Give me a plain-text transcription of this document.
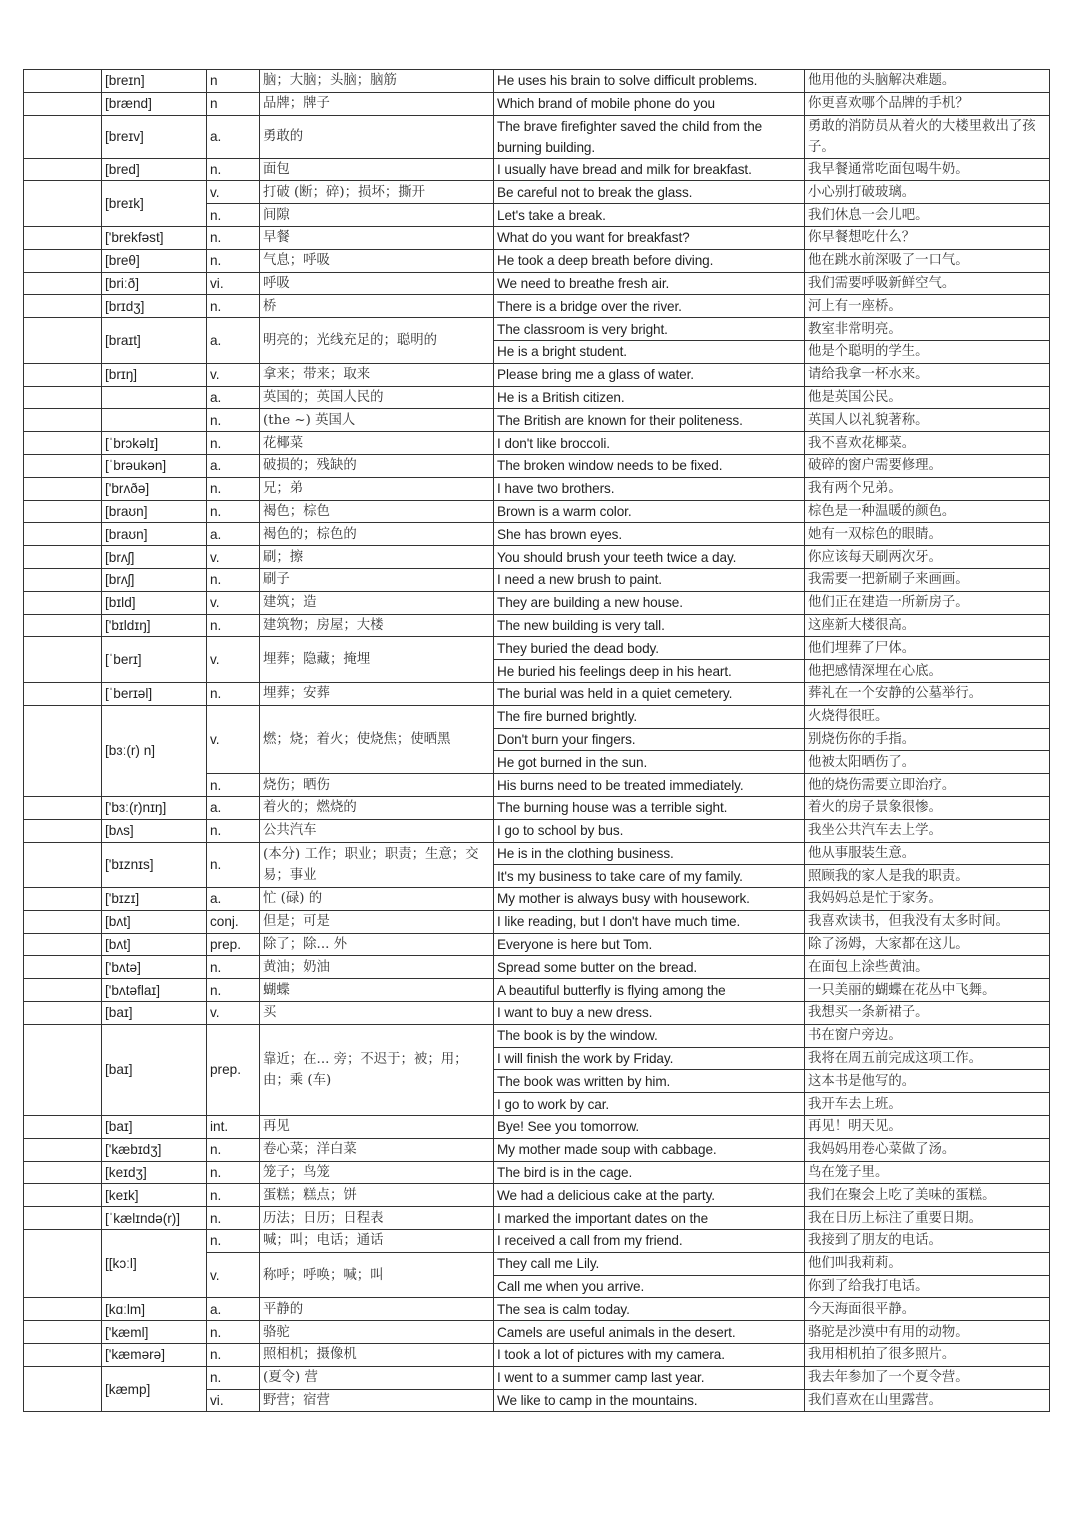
	[breɪn]	n	脑；大脑；头脑；脑筋	He uses his brain to solve difficult problems.	他用他的头脑解决难题。
	[brænd]	n	品牌；牌子	Which brand of mobile phone do you	你更喜欢哪个品牌的手机？
	[breɪv]	a.	勇敢的	The brave firefighter saved the child from the burning building.	勇敢的消防员从着火的大楼里救出了孩子。
	[bred]	n.	面包	I usually have bread and milk for breakfast.	我早餐通常吃面包喝牛奶。
	[breɪk]	v.	打破 (断；碎)；损坏；撕开	Be careful not to break the glass.	小心别打破玻璃。
		n.	间隙	Let's take a break.	我们休息一会儿吧。
	['brekfəst]	n.	早餐	What do you want for breakfast?	你早餐想吃什么？
	[breθ]	n.	气息；呼吸	He took a deep breath before diving.	他在跳水前深吸了一口气。
	[briːð]	vi.	呼吸	We need to breathe fresh air.	我们需要呼吸新鲜空气。
	[brɪdʒ]	n.	桥	There is a bridge over the river.	河上有一座桥。
	[braɪt]	a.	明亮的；光线充足的；聪明的	The classroom is very bright.	教室非常明亮。
				He is a bright student.	他是个聪明的学生。
	[brɪŋ]	v.	拿来；带来；取来	Please bring me a glass of water.	请给我拿一杯水来。
		a.	英国的；英国人民的	He is a British citizen.	他是英国公民。
		n.	(the ~) 英国人	The British are known for their politeness.	英国人以礼貌著称。
	[ˈbrɔkəlɪ]	n.	花椰菜	I don't like broccoli.	我不喜欢花椰菜。
	[ˈbrəukən]	a.	破损的；残缺的	The broken window needs to be fixed.	破碎的窗户需要修理。
	['brʌðə]	n.	兄；弟	I have two brothers.	我有两个兄弟。
	[braʊn]	n.	褐色；棕色	Brown is a warm color.	棕色是一种温暖的颜色。
	[braʊn]	a.	褐色的；棕色的	She has brown eyes.	她有一双棕色的眼睛。
	[brʌʃ]	v.	刷；擦	You should brush your teeth twice a day.	你应该每天刷两次牙。
	[brʌʃ]	n.	刷子	I need a new brush to paint.	我需要一把新刷子来画画。
	[bɪld]	v.	建筑；造	They are building a new house.	他们正在建造一所新房子。
	['bɪldɪŋ]	n.	建筑物；房屋；大楼	The new building is very tall.	这座新大楼很高。
	[ˈberɪ]	v.	埋葬；隐藏；掩埋	They buried the dead body.	他们埋葬了尸体。
				He buried his feelings deep in his heart.	他把感情深埋在心底。
	[ˈberɪəl]	n.	埋葬；安葬	The burial was held in a quiet cemetery.	葬礼在一个安静的公墓举行。
	[bɜː(r) n]	v.	燃；烧；着火；使烧焦；使晒黑	The fire burned brightly.	火烧得很旺。
				Don't burn your fingers.	别烧伤你的手指。
				He got burned in the sun.	他被太阳晒伤了。
		n.	烧伤；晒伤	His burns need to be treated immediately.	他的烧伤需要立即治疗。
	['bɜː(r)nɪŋ]	a.	着火的；燃烧的	The burning house was a terrible sight.	着火的房子景象很惨。
	[bʌs]	n.	公共汽车	I go to school by bus.	我坐公共汽车去上学。
	['bɪznɪs]	n.	(本分) 工作；职业；职责；生意；交易；事业	He is in the clothing business.	他从事服装生意。
				It's my business to take care of my family.	照顾我的家人是我的职责。
	['bɪzɪ]	a.	忙 (碌) 的	My mother is always busy with housework.	我妈妈总是忙于家务。
	[bʌt]	conj.	但是；可是	I like reading, but I don't have much time.	我喜欢读书，但我没有太多时间。
	[bʌt]	prep.	除了；除... 外	Everyone is here but Tom.	除了汤姆，大家都在这儿。
	['bʌtə]	n.	黄油；奶油	Spread some butter on the bread.	在面包上涂些黄油。
	['bʌtəflaɪ]	n.	蝴蝶	A beautiful butterfly is flying among the	一只美丽的蝴蝶在花丛中飞舞。
	[baɪ]	v.	买	I want to buy a new dress.	我想买一条新裙子。
	[baɪ]	prep.	靠近；在... 旁；不迟于；被；用；由；乘 (车)	The book is by the window.	书在窗户旁边。
				I will finish the work by Friday.	我将在周五前完成这项工作。
				The book was written by him.	这本书是他写的。
				I go to work by car.	我开车去上班。
	[baɪ]	int.	再见	Bye! See you tomorrow.	再见！明天见。
	['kæbɪdʒ]	n.	卷心菜；洋白菜	My mother made soup with cabbage.	我妈妈用卷心菜做了汤。
	[keɪdʒ]	n.	笼子；鸟笼	The bird is in the cage.	鸟在笼子里。
	[keɪk]	n.	蛋糕；糕点；饼	We had a delicious cake at the party.	我们在聚会上吃了美味的蛋糕。
	[ˈkælɪndə(r)]	n.	历法；日历；日程表	I marked the important dates on the	我在日历上标注了重要日期。
	[[kɔːl]	n.	喊；叫；电话；通话	I received a call from my friend.	我接到了朋友的电话。
		v.	称呼；呼唤；喊；叫	They call me Lily.	他们叫我莉莉。
				Call me when you arrive.	你到了给我打电话。
	[kɑːlm]	a.	平静的	The sea is calm today.	今天海面很平静。
	['kæml]	n.	骆驼	Camels are useful animals in the desert.	骆驼是沙漠中有用的动物。
	['kæmərə]	n.	照相机；摄像机	I took a lot of pictures with my camera.	我用相机拍了很多照片。
	[kæmp]	n.	(夏令) 营	I went to a summer camp last year.	我去年参加了一个夏令营。
		vi.	野营；宿营	We like to camp in the mountains.	我们喜欢在山里露营。
